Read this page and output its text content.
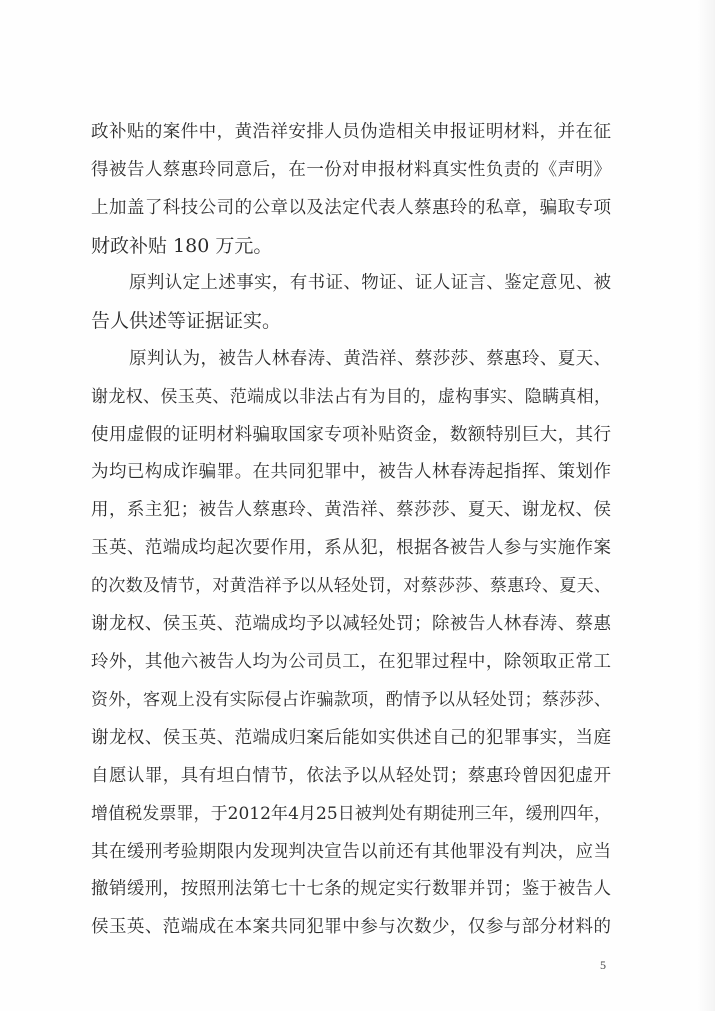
政补贴的案件中，黄浩祥安排人员伪造相关申报证明材料，并在征
得被告人蔡惠玲同意后，在一份对申报材料真实性负责的《声明》
上加盖了科技公司的公章以及法定代表人蔡惠玲的私章，骗取专项
财政补贴 180 万元。
原判认定上述事实，有书证、物证、证人证言、鉴定意见、被
告人供述等证据证实。
原判认为，被告人林春涛、黄浩祥、蔡莎莎、蔡惠玲、夏天、
谢龙权、侯玉英、范端成以非法占有为目的，虚构事实、隐瞒真相，
使用虚假的证明材料骗取国家专项补贴资金，数额特别巨大，其行
为均已构成诈骗罪。在共同犯罪中，被告人林春涛起指挥、策划作
用，系主犯；被告人蔡惠玲、黄浩祥、蔡莎莎、夏天、谢龙权、侯
玉英、范端成均起次要作用，系从犯，根据各被告人参与实施作案
的次数及情节，对黄浩祥予以从轻处罚，对蔡莎莎、蔡惠玲、夏天、
谢龙权、侯玉英、范端成均予以减轻处罚；除被告人林春涛、蔡惠
玲外，其他六被告人均为公司员工，在犯罪过程中，除领取正常工
资外，客观上没有实际侵占诈骗款项，酌情予以从轻处罚；蔡莎莎、
谢龙权、侯玉英、范端成归案后能如实供述自己的犯罪事实，当庭
自愿认罪，具有坦白情节，依法予以从轻处罚；蔡惠玲曾因犯虚开
增值税发票罪，于2012年4月25日被判处有期徒刑三年，缓刑四年，
其在缓刑考验期限内发现判决宣告以前还有其他罪没有判决，应当
撤销缓刑，按照刑法第七十七条的规定实行数罪并罚；鉴于被告人
侯玉英、范端成在本案共同犯罪中参与次数少，仅参与部分材料的
5
